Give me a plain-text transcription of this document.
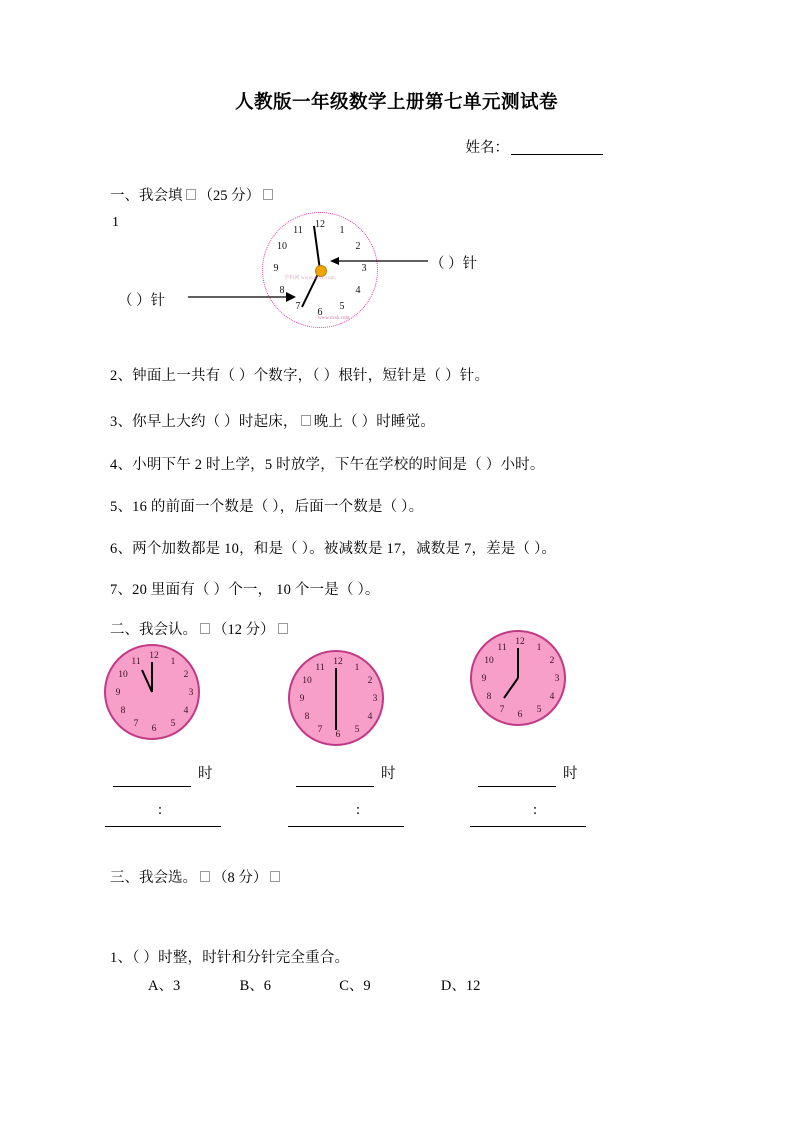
人教版一年级数学上册第七单元测试卷
姓名：
一、我会填 （25 分）
1	12
1
2
3
4
5
6
7
8
9
10
11
学科网 www.zxxk.com
www.zxxk.com
（ ）针
（ ）针
2、钟面上一共有（ ）个数字，（ ）根针，短针是（ ）针。
3、你早上大约（ ）时起床， 晚上（ ）时睡觉。
4、小明下午 2 时上学，5 时放学，下午在学校的时间是（ ）小时。
5、16 的前面一个数是（ ），后面一个数是（ ）。
6、两个加数都是 10，和是（ ）。被减数是 17，减数是 7，差是（ ）。
7、20 里面有（ ）个一， 10 个一是（ ）。
二、我会认。 （12 分）
12
1
2
3
4
5
6
7
8
9
10
11	12
1
2
3
4
5
6
7
8
9
10
11
12
1
2
3
4
5
6
7
8
9
10
11
时	时	时
:	:	:
三、我会选。 （8 分）
1、（ ）时整，时针和分针完全重合。
A、3	B、6	C、9	D、12
